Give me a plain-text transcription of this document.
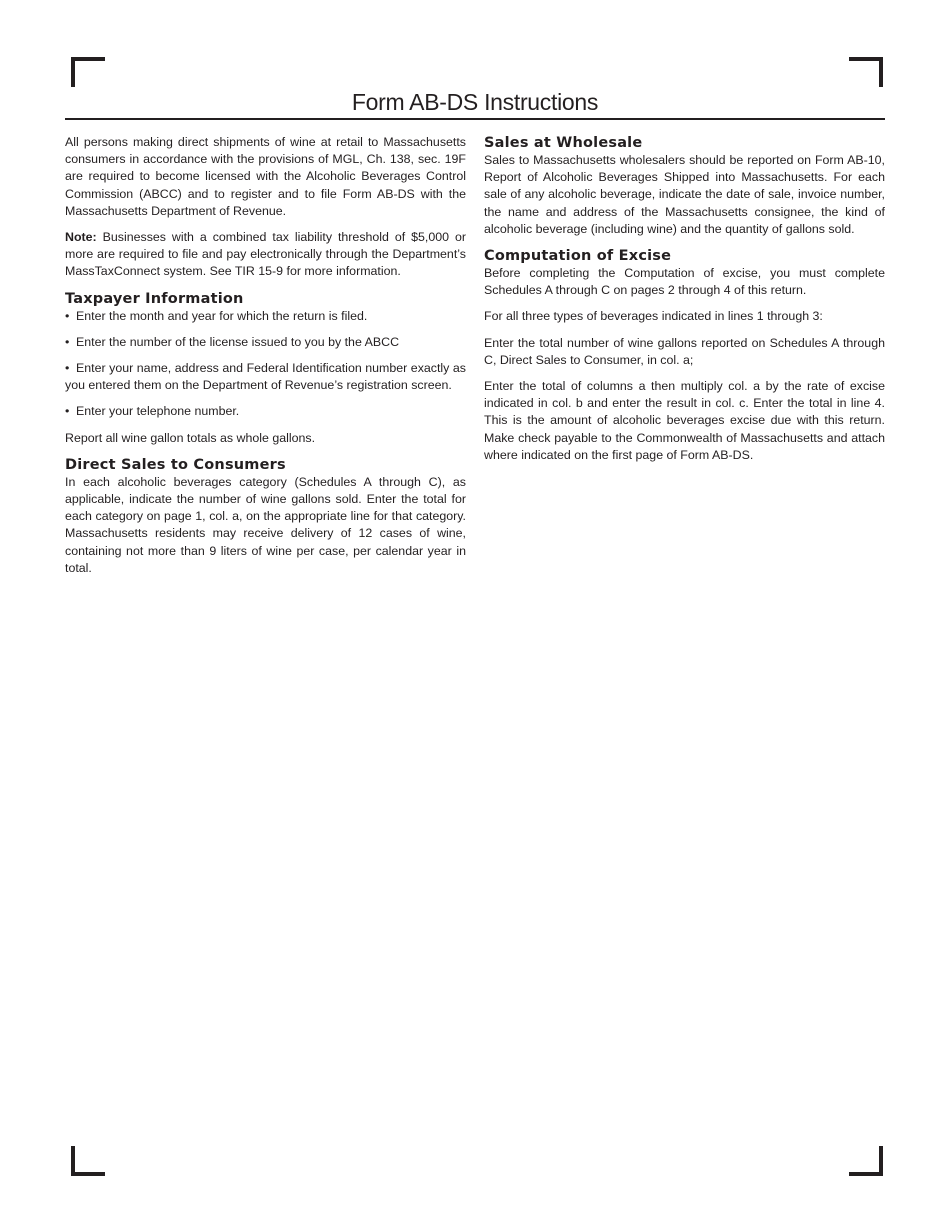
Form AB-DS Instructions

All persons making direct shipments of wine at retail to Massachusetts consumers in accordance with the provisions of MGL, Ch. 138, sec. 19F are required to become licensed with the Alcoholic Beverages Control Commission (ABCC) and to register and to file Form AB-DS with the Massachusetts Department of Revenue.

Note: Businesses with a combined tax liability threshold of $5,000 or more are required to file and pay electronically through the Department’s MassTaxConnect system. See TIR 15-9 for more information.

Taxpayer Information

• Enter the month and year for which the return is filed.

• Enter the number of the license issued to you by the ABCC

• Enter your name, address and Federal Identification number exactly as you entered them on the Department of Revenue’s registration screen.

• Enter your telephone number.

Report all wine gallon totals as whole gallons.

Direct Sales to Consumers

In each alcoholic beverages category (Schedules A through C), as applicable, indicate the number of wine gallons sold. Enter the total for each category on page 1, col. a, on the appropriate line for that category. Massachusetts residents may receive delivery of 12 cases of wine, containing not more than 9 liters of wine per case, per calendar year in total.

Sales at Wholesale

Sales to Massachusetts wholesalers should be reported on Form AB-10, Report of Alcoholic Beverages Shipped into Massachusetts. For each sale of any alcoholic beverage, indicate the date of sale, invoice number, the name and address of the Massachusetts consignee, the kind of alcoholic beverage (including wine) and the quantity of gallons sold.

Computation of Excise

Before completing the Computation of excise, you must complete Schedules A through C on pages 2 through 4 of this return.

For all three types of beverages indicated in lines 1 through 3:

Enter the total number of wine gallons reported on Schedules A through C, Direct Sales to Consumer, in col. a;

Enter the total of columns a then multiply col. a by the rate of excise indicated in col. b and enter the result in col. c. Enter the total in line 4. This is the amount of alcoholic beverages excise due with this return. Make check payable to the Commonwealth of Massachusetts and attach where indicated on the first page of Form AB-DS.
